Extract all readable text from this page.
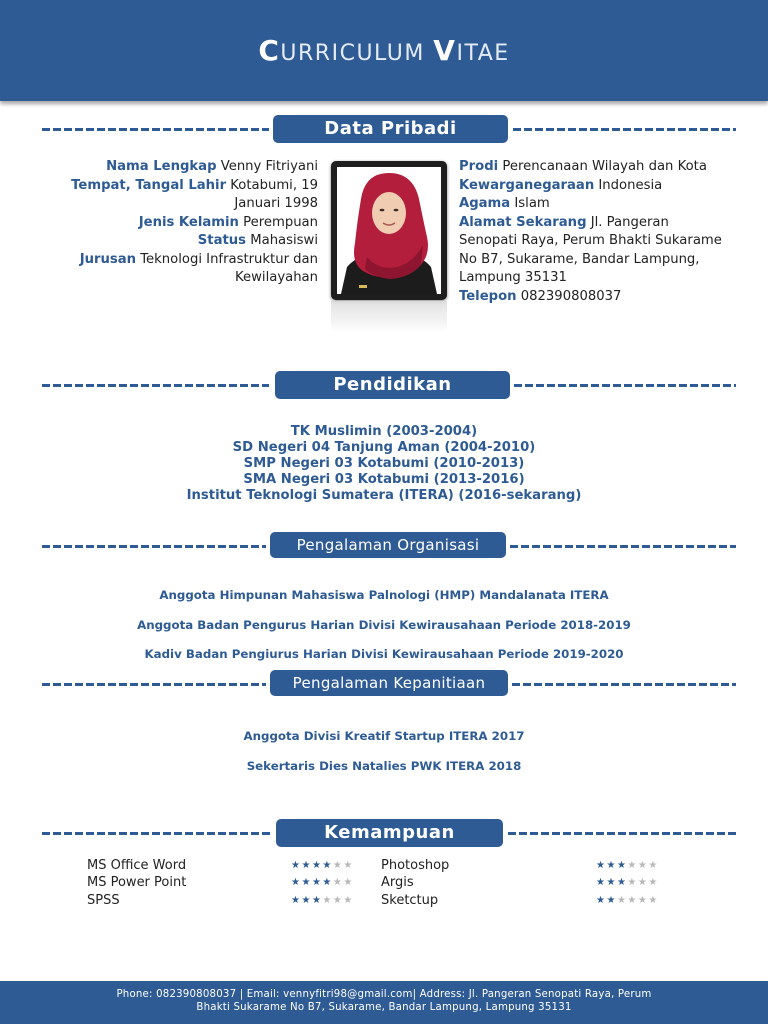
CURRICULUM VITAE
Data Pribadi
Nama Lengkap Venny Fitriyani
Tempat, Tangal Lahir Kotabumi, 19 Januari 1998
Jenis Kelamin Perempuan
Status Mahasiswi
Jurusan Teknologi Infrastruktur dan Kewilayahan
Prodi Perencanaan Wilayah dan Kota
Kewarganegaraan Indonesia
Agama Islam
Alamat Sekarang Jl. Pangeran Senopati Raya, Perum Bhakti Sukarame No B7, Sukarame, Bandar Lampung, Lampung 35131
Telepon 082390808037
Pendidikan
TK Muslimin (2003-2004)
SD Negeri 04 Tanjung Aman (2004-2010)
SMP Negeri 03 Kotabumi (2010-2013)
SMA Negeri 03 Kotabumi (2013-2016)
Institut Teknologi Sumatera (ITERA) (2016-sekarang)
Pengalaman Organisasi
Anggota Himpunan Mahasiswa Palnologi (HMP) Mandalanata ITERA
Anggota Badan Pengurus Harian Divisi Kewirausahaan Periode 2018-2019
Kadiv Badan Pengiurus Harian Divisi Kewirausahaan Periode 2019-2020
Pengalaman Kepanitiaan
Anggota Divisi Kreatif Startup ITERA 2017
Sekertaris Dies Natalies PWK ITERA 2018
Kemampuan
MS Office Word	★★★★★★
MS Power Point	★★★★★★
SPSS	★★★★★★
Photoshop	★★★★★★
Argis	★★★★★★
Sketctup	★★★★★★
Phone: 082390808037 | Email: vennyfitri98@gmail.com| Address: Jl. Pangeran Senopati Raya, Perum
Bhakti Sukarame No B7, Sukarame, Bandar Lampung, Lampung 35131
